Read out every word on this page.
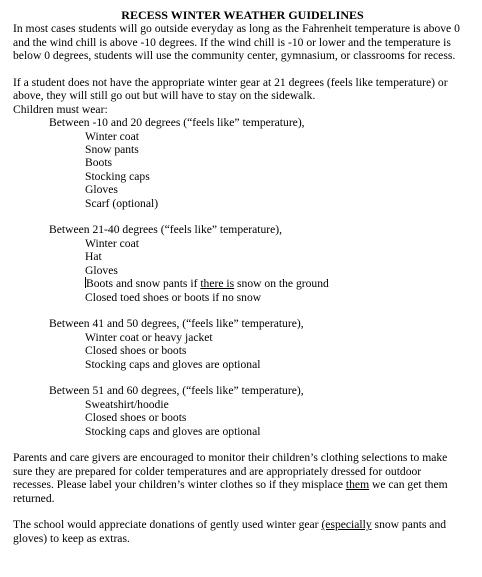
RECESS WINTER WEATHER GUIDELINES

In most cases students will go outside everyday as long as the Fahrenheit temperature is above 0

and the wind chill is above -10 degrees. If the wind chill is -10 or lower and the temperature is

below 0 degrees, students will use the community center, gymnasium, or classrooms for recess.

If a student does not have the appropriate winter gear at 21 degrees (feels like temperature) or

above, they will still go out but will have to stay on the sidewalk.

Children must wear:

Between -10 and 20 degrees (“feels like” temperature),

Winter coat

Snow pants

Boots

Stocking caps

Gloves

Scarf (optional)

Between 21-40 degrees (“feels like” temperature),

Winter coat

Hat

Gloves

Boots and snow pants if there is snow on the ground

Closed toed shoes or boots if no snow

Between 41 and 50 degrees, (“feels like” temperature),

Winter coat or heavy jacket

Closed shoes or boots

Stocking caps and gloves are optional

Between 51 and 60 degrees, (“feels like” temperature),

Sweatshirt/hoodie

Closed shoes or boots

Stocking caps and gloves are optional

Parents and care givers are encouraged to monitor their children’s clothing selections to make

sure they are prepared for colder temperatures and are appropriately dressed for outdoor

recesses. Please label your children’s winter clothes so if they misplace them we can get them

returned.

The school would appreciate donations of gently used winter gear (especially snow pants and

gloves) to keep as extras.
